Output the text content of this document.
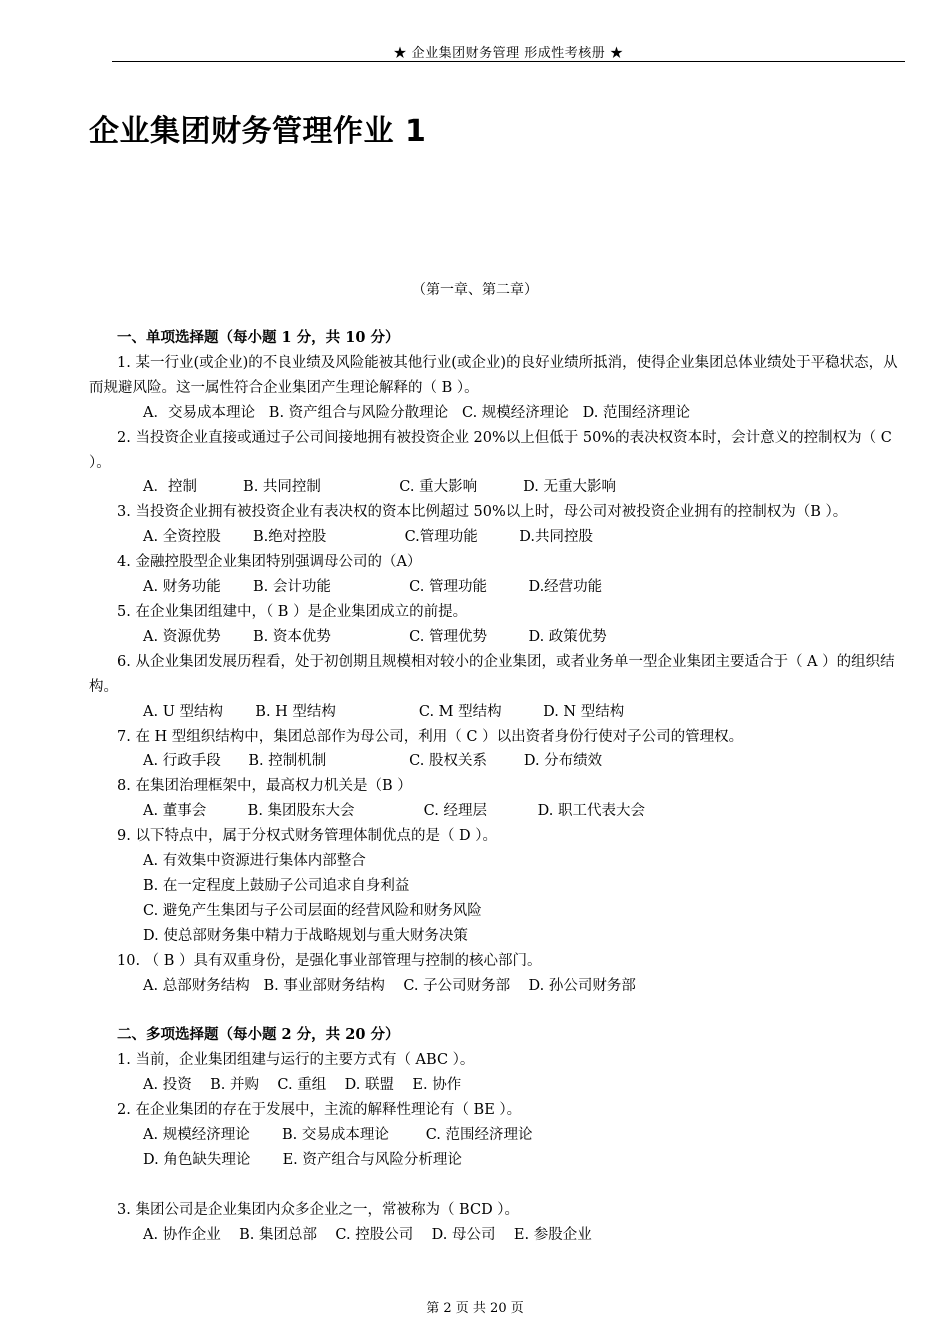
★ 企业集团财务管理 形成性考核册 ★
企业集团财务管理作业 1
（第一章、第二章）
一、单项选择题（每小题 1 分，共 10 分）
1. 某一行业(或企业)的不良业绩及风险能被其他行业(或企业)的良好业绩所抵消，使得企业集团总体业绩处于平稳状态，从而规避风险。这一属性符合企业集团产生理论解释的（ B ）。
A．交易成本理论   B. 资产组合与风险分散理论   C. 规模经济理论   D. 范围经济理论
2. 当投资企业直接或通过子公司间接地拥有被投资企业 20%以上但低于 50%的表决权资本时，会计意义的控制权为（ C ）。
A．控制          B. 共同控制                 C. 重大影响          D. 无重大影响
3. 当投资企业拥有被投资企业有表决权的资本比例超过 50%以上时，母公司对被投资企业拥有的控制权为（B ）。
A. 全资控股       B.绝对控股                 C.管理功能         D.共同控股
4. 金融控股型企业集团特别强调母公司的（A）
A. 财务功能       B. 会计功能                 C. 管理功能         D.经营功能
5. 在企业集团组建中，（ B ）是企业集团成立的前提。
A. 资源优势       B. 资本优势                 C. 管理优势         D. 政策优势
6. 从企业集团发展历程看，处于初创期且规模相对较小的企业集团，或者业务单一型企业集团主要适合于（ A ）的组织结构。
A. U 型结构       B. H 型结构                  C. M 型结构         D. N 型结构
7. 在 H 型组织结构中，集团总部作为母公司，利用（ C ）以出资者身份行使对子公司的管理权。
A. 行政手段      B. 控制机制                  C. 股权关系        D. 分布绩效
8. 在集团治理框架中，最高权力机关是（B ）
A. 董事会         B. 集团股东大会               C. 经理层           D. 职工代表大会
9. 以下特点中，属于分权式财务管理体制优点的是（ D ）。
A. 有效集中资源进行集体内部整合
B. 在一定程度上鼓励子公司追求自身利益
C. 避免产生集团与子公司层面的经营风险和财务风险
D. 使总部财务集中精力于战略规划与重大财务决策
10. （ B ）具有双重身份，是强化事业部管理与控制的核心部门。
A. 总部财务结构   B. 事业部财务结构    C. 子公司财务部    D. 孙公司财务部
二、多项选择题（每小题 2 分，共 20 分）
1. 当前，企业集团组建与运行的主要方式有（ ABC ）。
A. 投资    B. 并购    C. 重组    D. 联盟    E. 协作
2. 在企业集团的存在于发展中，主流的解释性理论有（ BE ）。
A. 规模经济理论       B. 交易成本理论        C. 范围经济理论
D. 角色缺失理论       E. 资产组合与风险分析理论
3. 集团公司是企业集团内众多企业之一，常被称为（ BCD ）。
A. 协作企业    B. 集团总部    C. 控股公司    D. 母公司    E. 参股企业
第 2 页 共 20 页
